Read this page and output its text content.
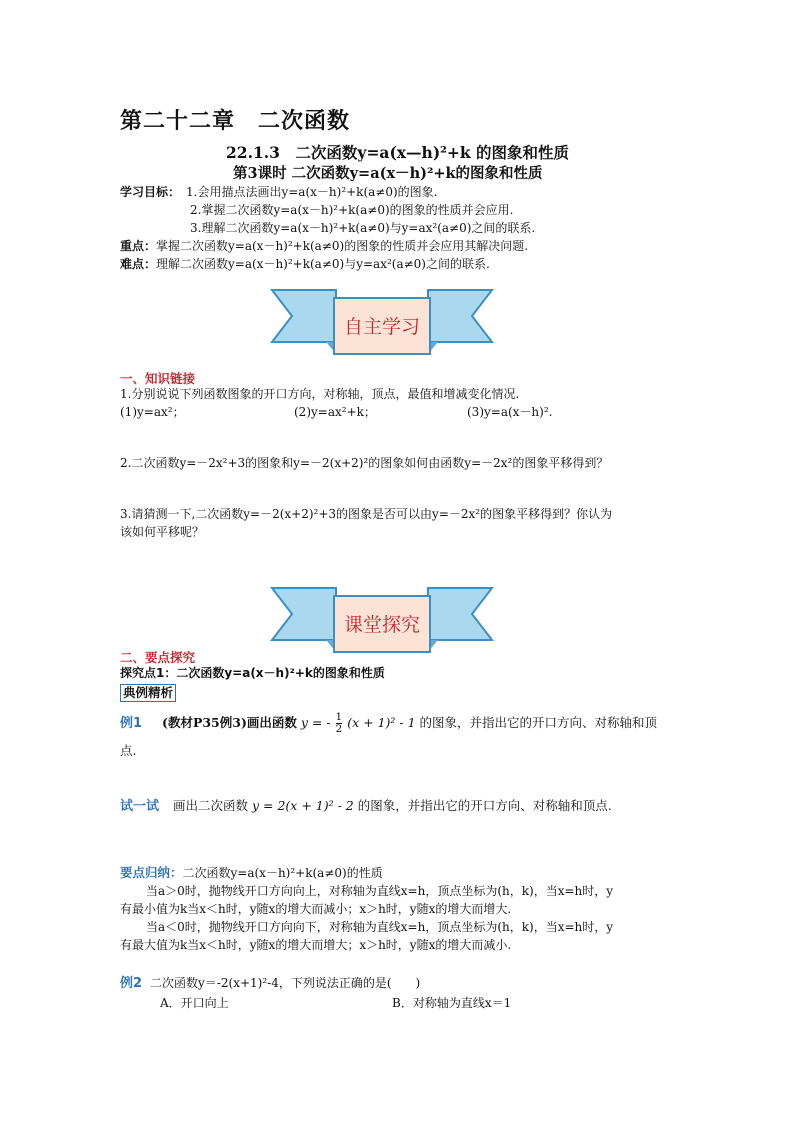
第二十二章　二次函数
22.1.3　二次函数y=a(x—h)²+k 的图象和性质
第3课时 二次函数y=a(x－h)²+k的图象和性质
学习目标： 1.会用描点法画出y=a(x－h)²+k(a≠0)的图象.
2.掌握二次函数y=a(x－h)²+k(a≠0)的图象的性质并会应用.
3.理解二次函数y=a(x－h)²+k(a≠0)与y=ax²(a≠0)之间的联系.
重点：掌握二次函数y=a(x－h)²+k(a≠0)的图象的性质并会应用其解决问题.
难点：理解二次函数y=a(x－h)²+k(a≠0)与y=ax²(a≠0)之间的联系.
自主学习
一、知识链接
1.分别说说下列函数图象的开口方向，对称轴，顶点，最值和增减变化情况.
(1)y=ax²；	(2)y=ax²+k；	(3)y=a(x－h)².
2.二次函数y=－2x²+3的图象和y=－2(x+2)²的图象如何由函数y=－2x²的图象平移得到？
3.请猜测一下,二次函数y=－2(x+2)²+3的图象是否可以由y=－2x²的图象平移得到？你认为
该如何平移呢？
课堂探究
二、要点探究
探究点1：二次函数y=a(x－h)²+k的图象和性质
典例精析
例1 (教材P35例3)画出函数 y = - $\frac{1}{2} (x + 1)^2 - 1$ 的图象，并指出它的开口方向、对称轴和顶
点.
试一试 画出二次函数 y = 2(x + 1)² - 2 的图象，并指出它的开口方向、对称轴和顶点.
要点归纳：二次函数y=a(x－h)²+k(a≠0)的性质
当a＞0时，抛物线开口方向向上，对称轴为直线x=h，顶点坐标为(h，k)，当x=h时，y
有最小值为k当x＜h时，y随x的增大而减小；x＞h时，y随x的增大而增大.
当a＜0时，抛物线开口方向向下，对称轴为直线x=h，顶点坐标为(h，k)，当x=h时，y
有最大值为k当x＜h时，y随x的增大而增大；x＞h时，y随x的增大而减小.
例2 二次函数y＝-2(x+1)²-4，下列说法正确的是(　　)
A．开口向上	B．对称轴为直线x＝1
